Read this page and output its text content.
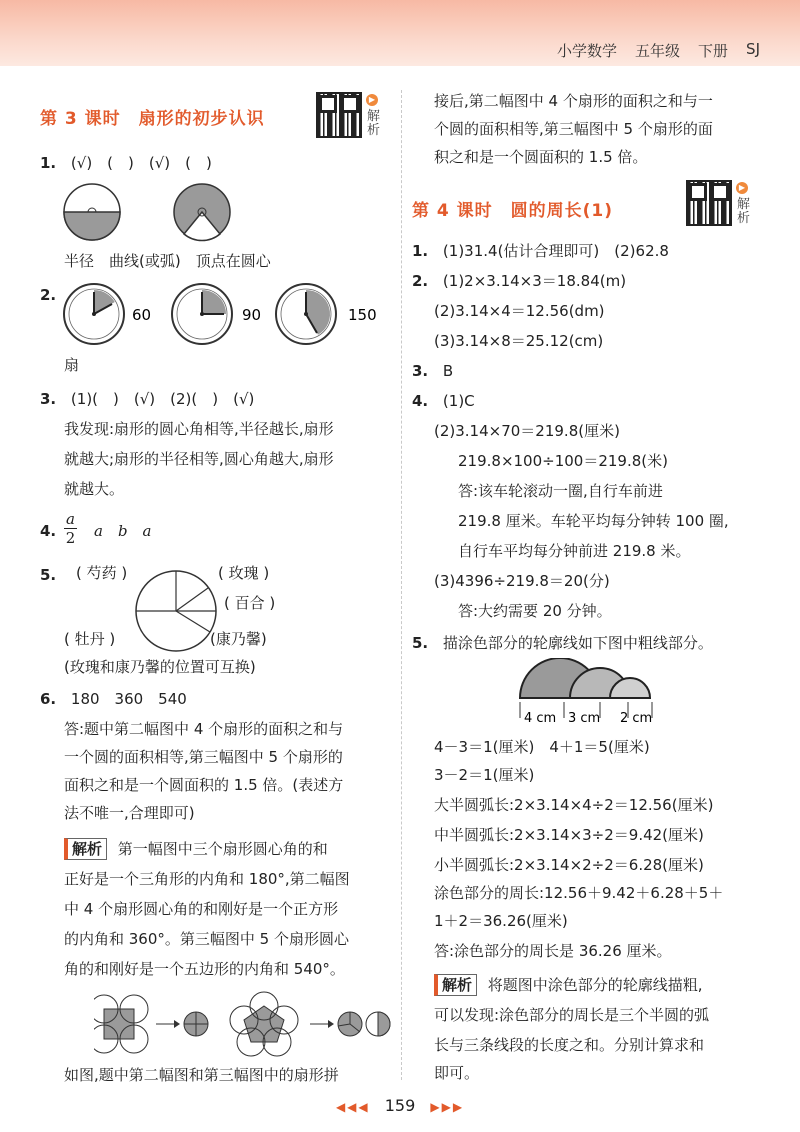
小学数学 五年级 下册 SJ
第 3 课时　扇形的初步认识
▶
解析
1. (√)　(　)　(√)　(　)
半径　曲线(或弧)　顶点在圆心
2.
60	90	150
扇
3. (1)(　)　(√)　(2)(　)　(√)
我发现:扇形的圆心角相等,半径越长,扇形
就越大;扇形的半径相等,圆心角越大,扇形
就越大。
4.
a
2 a　b　a
5. ( 芍药 )	( 玫瑰 )
( 百合 )
( 牡丹 )	(康乃馨)
(玫瑰和康乃馨的位置可互换)
6. 180　360　540
答:题中第二幅图中 4 个扇形的面积之和与
一个圆的面积相等,第三幅图中 5 个扇形的
面积之和是一个圆面积的 1.5 倍。(表述方
法不唯一,合理即可)
解析 第一幅图中三个扇形圆心角的和
正好是一个三角形的内角和 180°,第二幅图
中 4 个扇形圆心角的和刚好是一个正方形
的内角和 360°。第三幅图中 5 个扇形圆心
角的和刚好是一个五边形的内角和 540°。
如图,题中第二幅图和第三幅图中的扇形拼
接后,第二幅图中 4 个扇形的面积之和与一
个圆的面积相等,第三幅图中 5 个扇形的面
积之和是一个圆面积的 1.5 倍。
第 4 课时　圆的周长(1)
▶
解析
1. (1)31.4(估计合理即可)　(2)62.8
2. (1)2×3.14×3＝18.84(m)
(2)3.14×4＝12.56(dm)
(3)3.14×8＝25.12(cm)
3. B
4. (1)C
(2)3.14×70＝219.8(厘米)
219.8×100÷100＝219.8(米)
答:该车轮滚动一圈,自行车前进
219.8 厘米。车轮平均每分钟转 100 圈,
自行车平均每分钟前进 219.8 米。
(3)4396÷219.8＝20(分)
答:大约需要 20 分钟。
5. 描涂色部分的轮廓线如下图中粗线部分。
4 cm 3 cm 2 cm
4－3＝1(厘米)　4＋1＝5(厘米)
3－2＝1(厘米)
大半圆弧长:2×3.14×4÷2＝12.56(厘米)
中半圆弧长:2×3.14×3÷2＝9.42(厘米)
小半圆弧长:2×3.14×2÷2＝6.28(厘米)
涂色部分的周长:12.56＋9.42＋6.28＋5＋
1＋2＝36.26(厘米)
答:涂色部分的周长是 36.26 厘米。
解析 将题图中涂色部分的轮廓线描粗,
可以发现:涂色部分的周长是三个半圆的弧
长与三条线段的长度之和。分别计算求和
即可。
◀◀◀ 159 ▶▶▶
